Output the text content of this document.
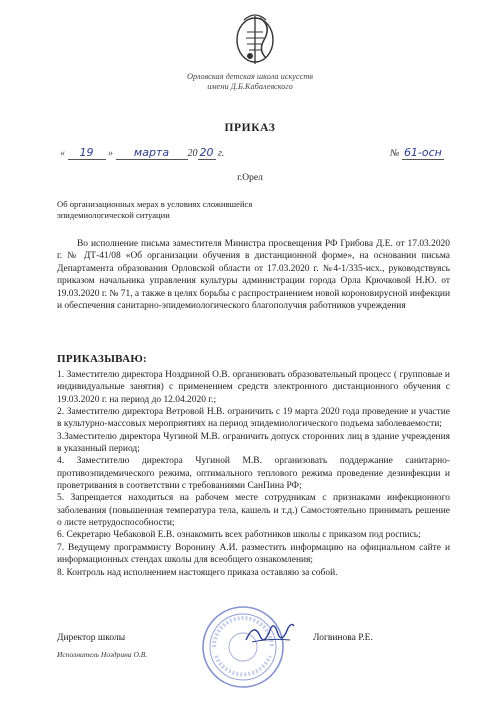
Орловская детская школа искусств
имени Д.Б.Кабалевского
ПРИКАЗ
« 19 » марта 20 20 г.	№ 61-осн
г.Орел
Об организационных мерах в условиях сложившейся эпидемиологической ситуации
Во исполнение письма заместителя Министра просвещения РФ Грибова Д.Е. от 17.03.2020 г. № ДТ-41/08 «Об организации обучения в дистанционной форме», на основании письма Департамента образования Орловской области от 17.03.2020 г. №4-1/335-исх., руководствуясь приказом начальника управления культуры администрации города Орла Крючковой Н.Ю. от 19.03.2020 г. № 71, а также в целях борьбы с распространением новой короновирусной инфекции и обеспечения санитарно-эпидемиологического благополучия работников учреждения
ПРИКАЗЫВАЮ:

1. Заместителю директора Ноздриной О.В. организовать образовательный процесс ( групповые и индивидуальные занятия) с применением средств электронного дистанционного обучения с 19.03.2020 г. на период до 12.04.2020 г.;

2. Заместителю директора Ветровой Н.В. ограничить с 19 марта 2020 года проведение и участие в культурно-массовых мероприятиях на период эпидемиологического подъема заболеваемости;

3.Заместителю директора Чугиной М.В. ограничить допуск сторонних лиц в здание учреждения в указанный период;

4. Заместителю директора Чугиной М.В. организовать поддержание санитарно-противоэпидемического режима, оптимального теплового режима проведение дезинфекции и проветривания в соответствии с требованиями СанПина РФ;

5. Запрещается находиться на рабочем месте сотрудникам с признаками инфекционного заболевания (повышенная температура тела, кашель и т.д.) Самостоятельно принимать решение о листе нетрудоспособности;

6. Секретарю Чебаковой Е.В. ознакомить всех работников школы с приказом под роспись;

7. Ведущему программисту Воронину А.И. разместить информацию на официальном сайте и информационных стендах школы для всеобщего ознакомления;

8. Контроль над исполнением настоящего приказа оставляю за собой.

Директор школы	Логвинова Р.Е.
Исполнитель Ноздрина О.В.
